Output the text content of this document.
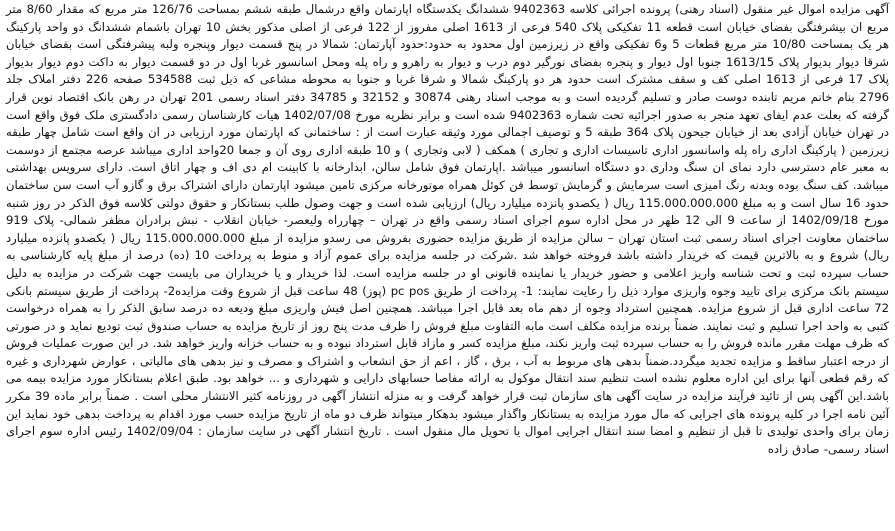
آگهی مزایده اموال غیر منقول (اسناد رهنی) پرونده اجرائی کلاسه 9402363 ششدانگ یکدستگاه اپارتمان واقع درشمال طبقه ششم بمساحت 126/76 متر مربع که مقدار 8/60 متر مربع ان بیشرفتگی بفضای خیابان است قطعه 11 تفکیکی پلاک 540 فرعی از 1613 اصلی مفروز از 122 فرعی از اصلی مذکور بخش 10 تهران باشمام ششدانگ دو واحد پارکینگ هر یک بمساحت 10/80 متر مربع قطعات 5 و6 تفکیکی واقع در زیرزمین اول محدود به حدود:حدود آپارتمان: شمالا در پنج قسمت دیوار وپنجره ولبه پیشرفتگی است بفضای خیابان شرقا دیوار بدیوار پلاک 1613/15 جنوبا اول دیوار و پنجره بفضای نورگیر دوم درب و دیوار به راهرو و راه پله ومحل اسانسور غربا اول در دو قسمت دیوار به داکت دوم دیوار بدیوار پلاک 17 فرعی از 1613 اصلی کف و سقف مشترک است حدود هر دو پارکینگ شمالا و شرقا غربا و جنوبا به محوطه مشاعی که ذیل ثبت 534588 صفحه 226 دفتر املاک جلد 2796 بنام خانم مریم تابنده دوست صادر و تسلیم گردیده است و به موجب اسناد رهنی 30874 و 32152 و 34785 دفتر اسناد رسمی 201 تهران در رهن بانک اقتصاد نوین قرار گرفته که بعلت عدم ایفای تعهد منجر به صدور اجرائیه تحت شماره 9402363 شده است و برابر نظریه مورخ 1402/07/08 هیات کارشناسان رسمی دادگستری ملک فوق واقع است در تهران خیابان آزادی بعد از خیابان جیحون پلاک 364 طبقه 5 و توصیف اجمالی مورد وثیقه عبارت است از : ساختمانی که اپارتمان مورد ارزیابی در ان واقع است شامل چهار طبقه زیرزمین ( پارکینگ اداری راه پله واسانسور اداری تاسیسات اداری و تجاری ) همکف ( لابی وتجاری ) و 10 طبقه اداری روی آن و جمعا 20واحد اداری میباشد عرصه مجتمع از دوسمت به معبر عام دسترسی دارد نمای ان سنگ وداری دو دستگاه اسانسور میباشد .اپارتمان فوق شامل سالن، ابدارخانه با کابینت ام دی اف و چهار اتاق است. دارای سرویس بهداشتی میباشد. کف سنگ بوده وبدنه رنگ امیزی است سرمایش و گرمایش توسط فن کوئل همراه موتورخانه مرکزی تامین میشود اپارتمان دارای اشتراک برق و گازو آب است سن ساختمان حدود 16 سال است و به مبلغ 115.000.000.000 ریال ( یکصدو پانزده میلیارد ریال) ارزیابی شده است و جهت وصول طلب بستانکار و حقوق دولتی کلاسه فوق الذکر در روز شنبه مورخ 1402/09/18 از ساعت 9 الی 12 ظهر در محل اداره سوم اجرای اسناد رسمی واقع در تهران – چهارراه ولیعصر- خیابان انقلاب - نبش برادران مظفر شمالی- پلاک 919 ساختمان معاونت اجرای اسناد رسمی ثبت استان تهران – سالن مزایده از طریق مزایده حضوری بفروش می رسدو مزایده از مبلغ 115.000.000.000 ریال ( یکصدو پانزده میلیارد ریال) شروع و به بالاترین قیمت که خریدار داشته باشد فروخته خواهد شد .شرکت در جلسه مزایده برای عموم آزاد و منوط به پرداخت 10 (ده) درصد از مبلغ پایه کارشناسی به حساب سپرده ثبت و تحت شناسه واریز اعلامی و حضور خریدار یا نماینده قانونی او در جلسه مزایده است. لذا خریدار و یا خریداران می بایست جهت شرکت در مزایده به دلیل سیستم بانک مرکزی برای تایید وجوه واریزی موارد ذیل را رعایت نمایند: 1- پرداخت از طریق pc pos (پوز) 48 ساعت قبل از شروع وقت مزایده2- پرداخت از طریق سیستم بانکی 72 ساعت اداری قبل از شروع مزایده. همچنین استرداد وجوه از دهم ماه بعد قابل اجرا میباشد. همچنین اصل فیش واریزی مبلغ ودیعه ده درصد سابق الذکر را به همراه درخواست کتبی به واحد اجرا تسلیم و ثبت نمایند. ضمناً برنده مزایده مکلف است مابه التفاوت مبلغ فروش را ظرف مدت پنج روز از تاریخ مزایده به حساب صندوق ثبت تودیع نماید و در صورتی که ظرف مهلت مقرر مانده فروش را به حساب سپرده ثبت واریز نکند، مبلغ مزایده کسر و مازاد قابل استرداد نبوده و به حساب خزانه واریز خواهد شد. در این صورت عملیات فروش از درجه اعتبار ساقط و مزایده تجدید میگردد.ضمناً بدهی های مربوط به آب ، برق ، گاز ، اعم از حق انشعاب و اشتراک و مصرف و نیز بدهی های مالیاتی ، عوارض شهرداری و غیره که رقم قطعی آنها برای این اداره معلوم نشده است تنظیم سند انتقال موکول به ارائه مفاصا حسابهای دارایی و شهرداری و ... خواهد بود. طبق اعلام بستانکار مورد مزایده بیمه می باشد.این آگهی پس از تائید فرآیند مزایده در سایت آگهی های سازمان ثبت قرار خواهد گرفت و به منزله انتشار آگهی در روزنامه کثیر الانتشار محلی است . ضمناً برابر ماده 39 مکرر آئین نامه اجرا در کلیه پرونده های اجرایی که مال مورد مزایده به بستانکار واگذار میشود بدهکار میتواند ظرف دو ماه از تاریخ مزایده حسب مورد اقدام به پرداخت بدهی خود نماید این زمان برای واحدی تولیدی تا قبل از تنظیم و امضا سند انتقال اجرایی اموال یا تحویل مال منقول است . تاریخ انتشار آگهی در سایت سازمان : 1402/09/04 رئیس اداره سوم اجرای اسناد رسمی- صادق زاده
